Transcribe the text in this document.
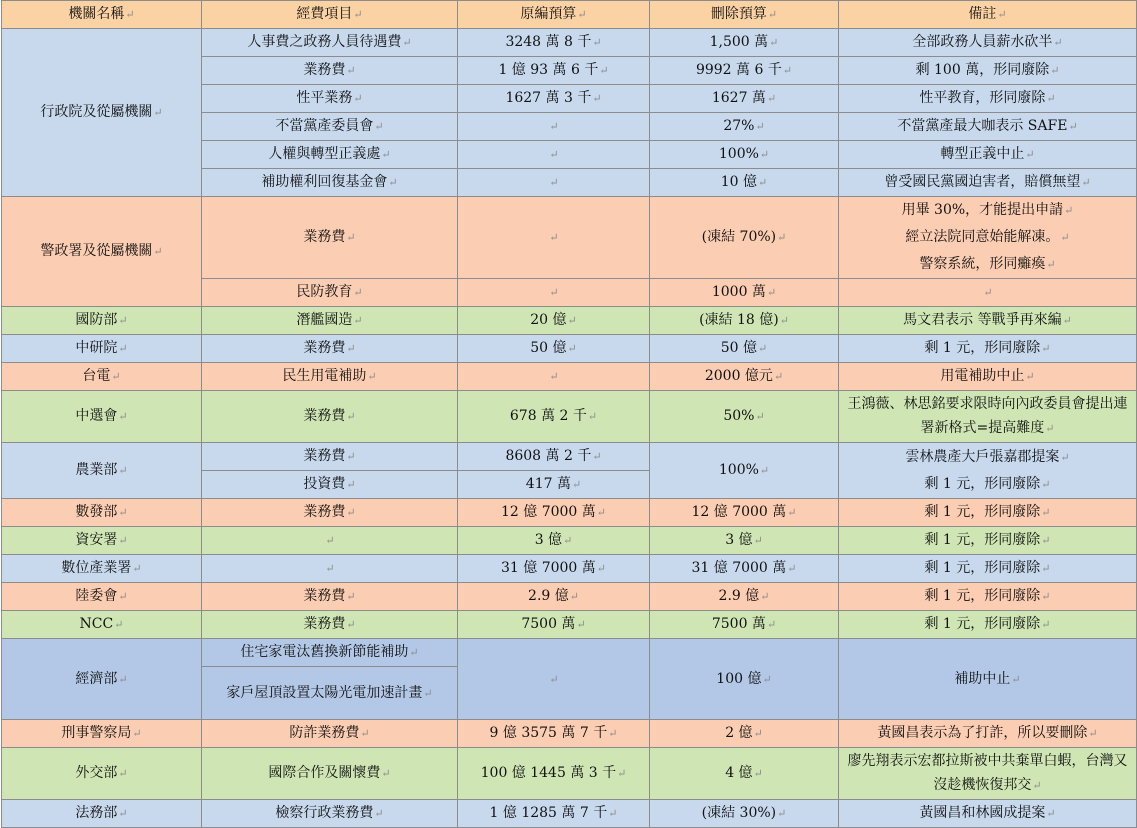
機關名稱↵	經費項目↵	原編預算↵	刪除預算↵	備註↵
行政院及從屬機關↵	人事費之政務人員待遇費↵	3248 萬 8 千↵	1,500 萬↵	全部政務人員薪水砍半↵
	業務費↵	1 億 93 萬 6 千↵	9992 萬 6 千↵	剩 100 萬，形同廢除↵
	性平業務↵	1627 萬 3 千↵	1627 萬↵	性平教育，形同廢除↵
	不當黨產委員會↵	↵	27%↵	不當黨產最大咖表示 SAFE↵
	人權與轉型正義處↵	↵	100%↵	轉型正義中止↵
	補助權利回復基金會↵	↵	10 億↵	曾受國民黨國迫害者，賠償無望↵
警政署及從屬機關↵	業務費↵	↵	(凍結 70%)↵	用畢 30%，才能提出申請↵
經立法院同意始能解凍。↵
警察系統，形同癱瘓↵

	民防教育↵	↵	1000 萬↵	↵
國防部↵	潛艦國造↵	20 億↵	(凍結 18 億)↵	馬文君表示 等戰爭再來編↵
中研院↵	業務費↵	50 億↵	50 億↵	剩 1 元，形同廢除↵
台電↵	民生用電補助↵	↵	2000 億元↵	用電補助中止↵
中選會↵	業務費↵	678 萬 2 千↵	50%↵	王鴻薇、林思銘要求限時向內政委員會提出連署新格式=提高難度↵
農業部↵	業務費↵	8608 萬 2 千↵	100%↵	雲林農產大戶張嘉郡提案↵
剩 1 元，形同廢除↵

	投資費↵	417 萬↵		
數發部↵	業務費↵	12 億 7000 萬↵	12 億 7000 萬↵	剩 1 元，形同廢除↵
資安署↵	↵	3 億↵	3 億↵	剩 1 元，形同廢除↵
數位產業署↵	↵	31 億 7000 萬↵	31 億 7000 萬↵	剩 1 元，形同廢除↵
陸委會↵	業務費↵	2.9 億↵	2.9 億↵	剩 1 元，形同廢除↵
NCC↵	業務費↵	7500 萬↵	7500 萬↵	剩 1 元，形同廢除↵
經濟部↵	住宅家電汰舊換新節能補助↵	↵	100 億↵	補助中止↵
	家戶屋頂設置太陽光電加速計畫↵			
刑事警察局↵	防詐業務費↵	9 億 3575 萬 7 千↵	2 億↵	黃國昌表示為了打詐，所以要刪除↵
外交部↵	國際合作及關懷費↵	100 億 1445 萬 3 千↵	4 億↵	廖先翔表示宏都拉斯被中共棄單白蝦，台灣又沒趁機恢復邦交↵
法務部↵	檢察行政業務費↵	1 億 1285 萬 7 千↵	(凍結 30%)↵	黃國昌和林國成提案↵
